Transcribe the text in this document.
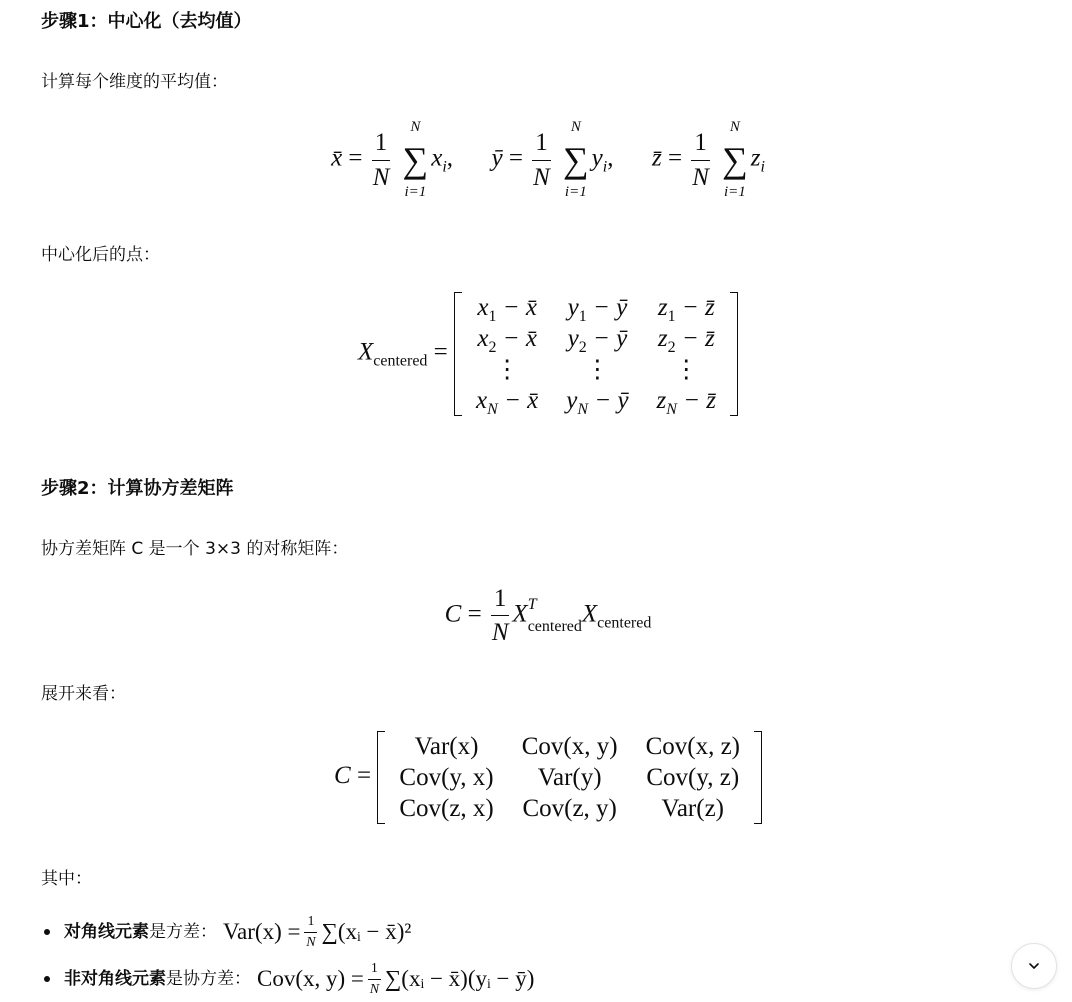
步骤1：中心化（去均值）
计算每个维度的平均值：
x̄ = $\frac{1}{N}$

N
∑
i=1
$x_i$, ȳ = $\frac{1}{N}$

N
∑
i=1
$y_i$, z̄ = $\frac{1}{N}$

N
∑
i=1
$z_i$
中心化后的点：
$X_{centered}$ =
$x_1$ − x̄	$y_1$ − ȳ	$z_1$ − z̄
$x_2$ − x̄	$y_2$ − ȳ	$z_2$ − z̄
⋮	⋮	⋮
$x_N$ − x̄	$y_N$ − ȳ	$z_N$ − z̄
步骤2：计算协方差矩阵
协方差矩阵 C 是一个 3×3 的对称矩阵：
$C = \frac{1}{N}$ X T
centered $X_{centered}$
展开来看：
C =
Var(x)	Cov(x, y)	Cov(x, z)
Cov(y, x)	Var(y)	Cov(y, z)
Cov(z, x)	Cov(z, y)	Var(z)
其中：
对角线元素 是方差： $Var(x) = \frac{1}{N}$ ∑(xᵢ − x̄)²
非对角线元素 是协方差： Cov(x, $y) = \frac{1}{N}$ ∑(xᵢ − x̄)(yᵢ − ȳ)
